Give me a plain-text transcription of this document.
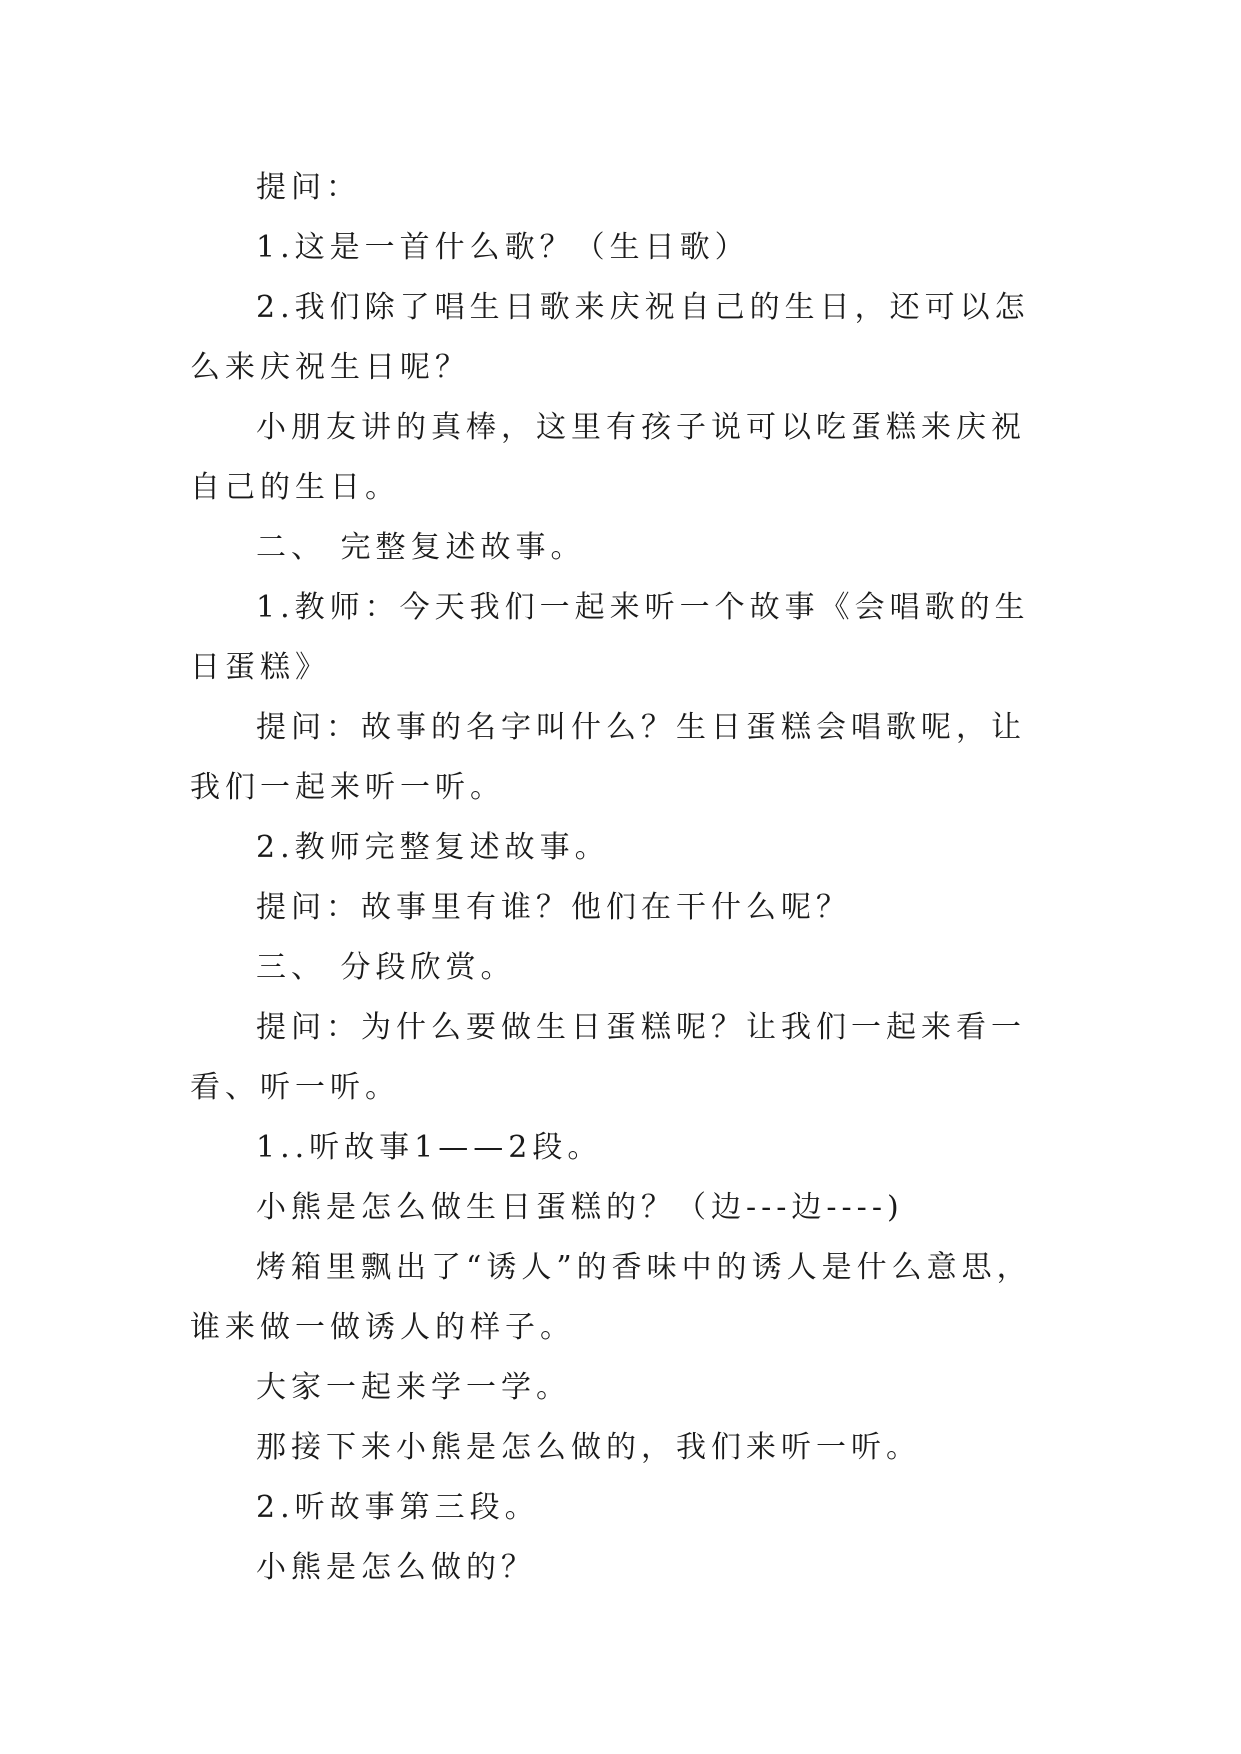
提问：

1.这是一首什么歌？（生日歌）

2.我们除了唱生日歌来庆祝自己的生日，还可以怎么来庆祝生日呢？

小朋友讲的真棒，这里有孩子说可以吃蛋糕来庆祝自己的生日。

二、 完整复述故事。

1.教师：今天我们一起来听一个故事《会唱歌的生日蛋糕》

提问：故事的名字叫什么？生日蛋糕会唱歌呢，让我们一起来听一听。

2.教师完整复述故事。

提问：故事里有谁？他们在干什么呢？

三、 分段欣赏。

提问：为什么要做生日蛋糕呢？让我们一起来看一看、听一听。

1..听故事1——2段。

小熊是怎么做生日蛋糕的？（边---边----)

烤箱里飘出了“诱人”的香味中的诱人是什么意思，谁来做一做诱人的样子。

大家一起来学一学。

那接下来小熊是怎么做的，我们来听一听。

2.听故事第三段。

小熊是怎么做的？
